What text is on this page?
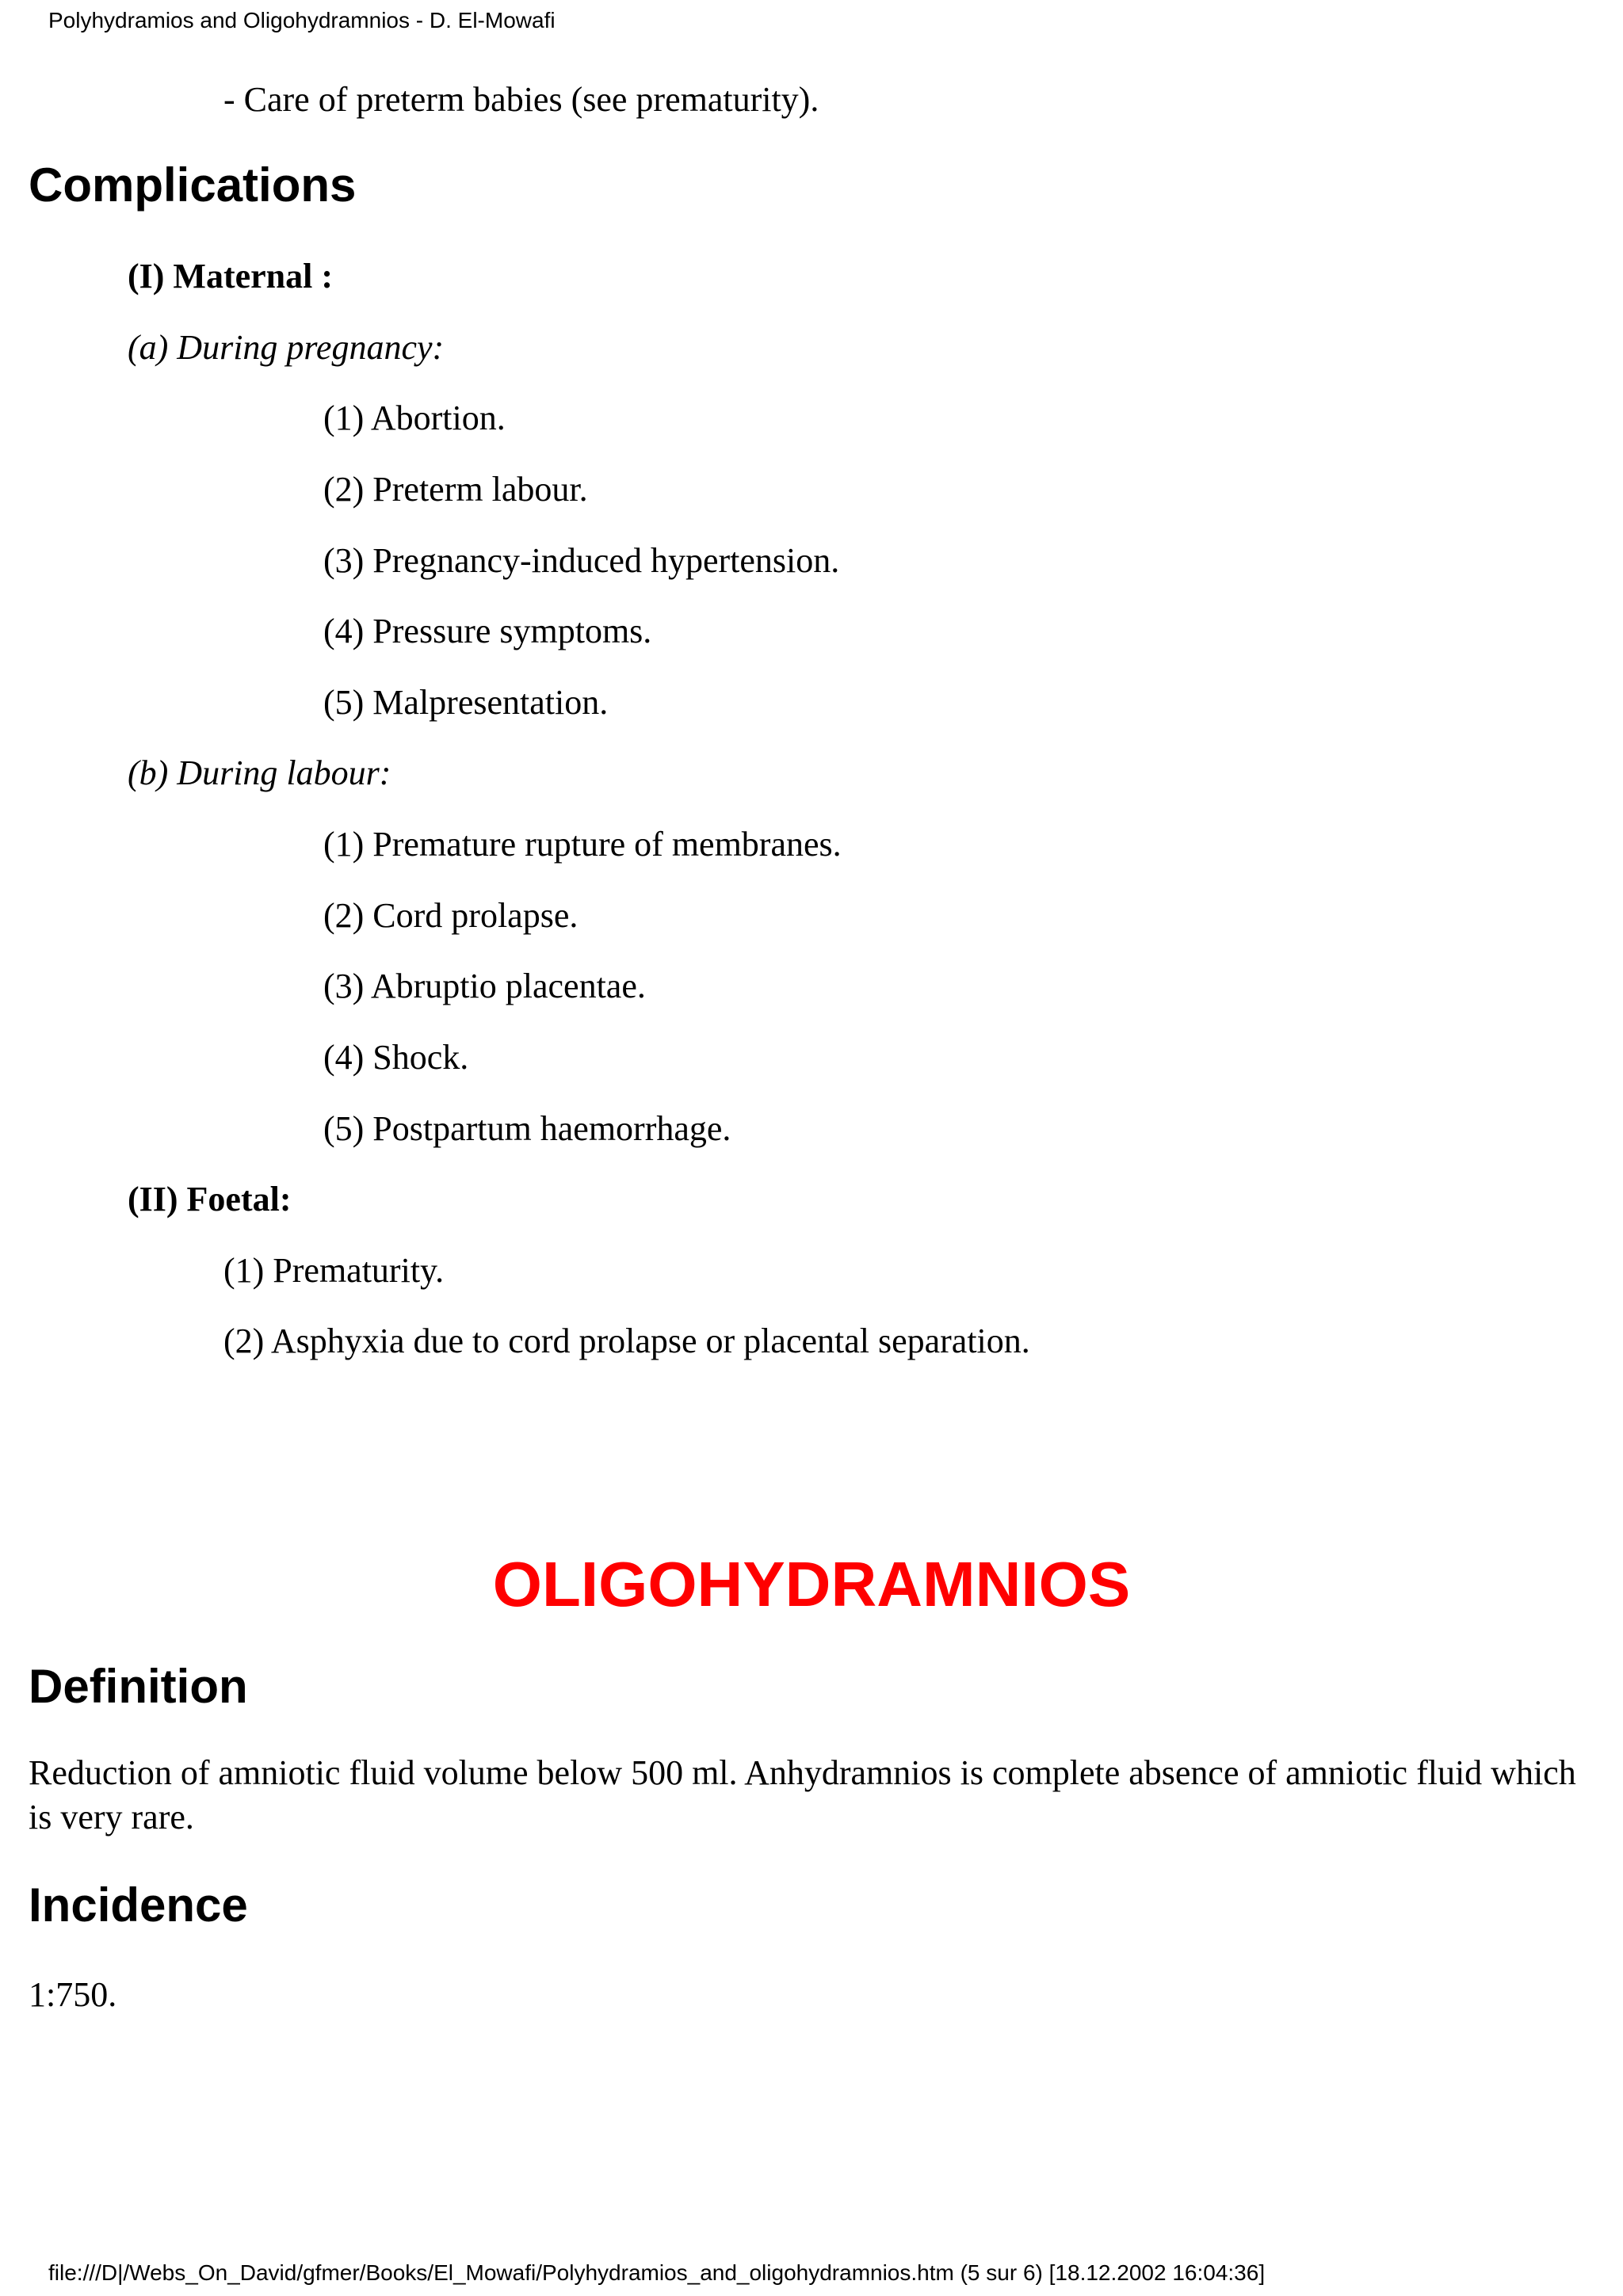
Polyhydramios and Oligohydramnios - D. El-Mowafi
- Care of preterm babies (see prematurity).
Complications
(I) Maternal :
(a) During pregnancy:
(1) Abortion.
(2) Preterm labour.
(3) Pregnancy-induced hypertension.
(4) Pressure symptoms.
(5) Malpresentation.
(b) During labour:
(1) Premature rupture of membranes.
(2) Cord prolapse.
(3) Abruptio placentae.
(4) Shock.
(5) Postpartum haemorrhage.
(II) Foetal:
(1) Prematurity.
(2) Asphyxia due to cord prolapse or placental separation.
OLIGOHYDRAMNIOS
Definition
Reduction of amniotic fluid volume below 500 ml. Anhydramnios is complete absence of amniotic fluid which is very rare.
Incidence
1:750.
file:///D|/Webs_On_David/gfmer/Books/El_Mowafi/Polyhydramios_and_oligohydramnios.htm (5 sur 6) [18.12.2002 16:04:36]
